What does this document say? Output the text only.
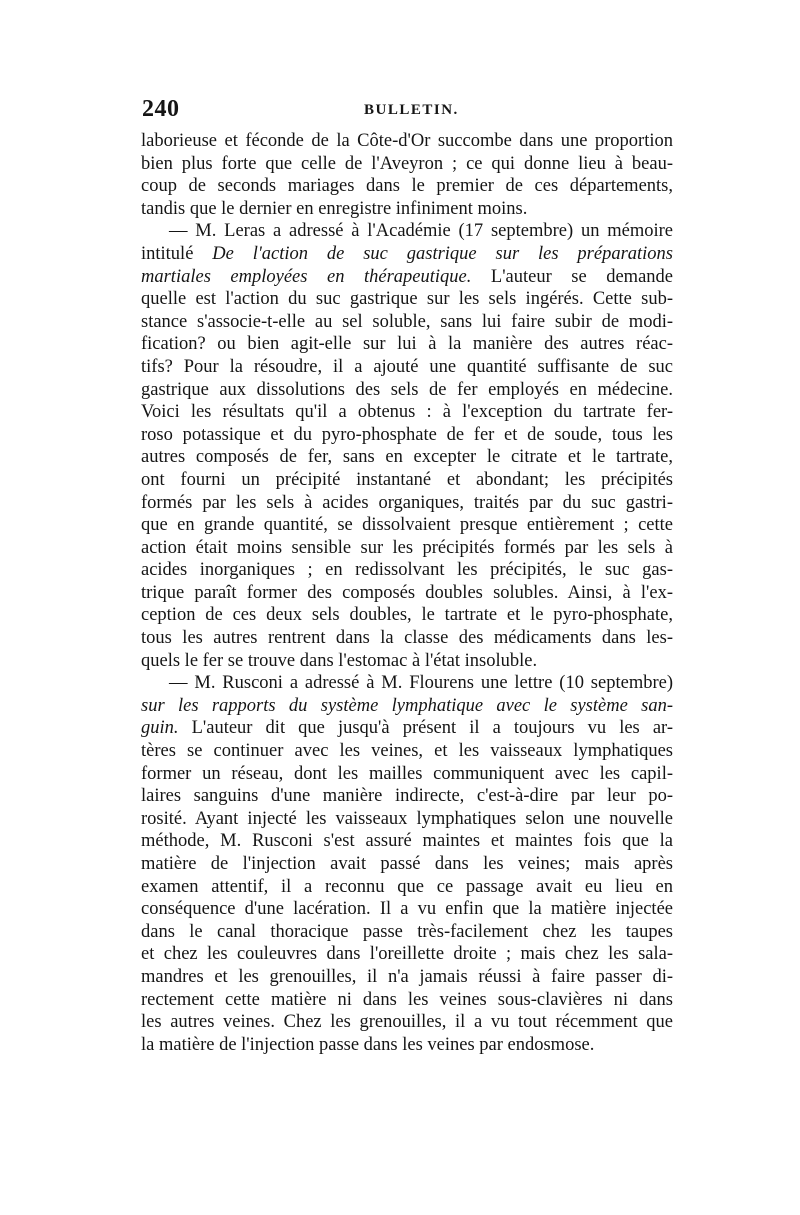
240	BULLETIN.
laborieuse et féconde de la Côte-d'Or succombe dans une proportion
bien plus forte que celle de l'Aveyron ; ce qui donne lieu à beau-
coup de seconds mariages dans le premier de ces départements,
tandis que le dernier en enregistre infiniment moins.
— M. Leras a adressé à l'Académie (17 septembre) un mémoire
intitulé De l'action de suc gastrique sur les préparations
martiales employées en thérapeutique. L'auteur se demande
quelle est l'action du suc gastrique sur les sels ingérés. Cette sub-
stance s'associe-t-elle au sel soluble, sans lui faire subir de modi-
fication? ou bien agit-elle sur lui à la manière des autres réac-
tifs? Pour la résoudre, il a ajouté une quantité suffisante de suc
gastrique aux dissolutions des sels de fer employés en médecine.
Voici les résultats qu'il a obtenus : à l'exception du tartrate fer-
roso potassique et du pyro-phosphate de fer et de soude, tous les
autres composés de fer, sans en excepter le citrate et le tartrate,
ont fourni un précipité instantané et abondant; les précipités
formés par les sels à acides organiques, traités par du suc gastri-
que en grande quantité, se dissolvaient presque entièrement ; cette
action était moins sensible sur les précipités formés par les sels à
acides inorganiques ; en redissolvant les précipités, le suc gas-
trique paraît former des composés doubles solubles. Ainsi, à l'ex-
ception de ces deux sels doubles, le tartrate et le pyro-phosphate,
tous les autres rentrent dans la classe des médicaments dans les-
quels le fer se trouve dans l'estomac à l'état insoluble.
— M. Rusconi a adressé à M. Flourens une lettre (10 septembre)
sur les rapports du système lymphatique avec le système san-
guin. L'auteur dit que jusqu'à présent il a toujours vu les ar-
tères se continuer avec les veines, et les vaisseaux lymphatiques
former un réseau, dont les mailles communiquent avec les capil-
laires sanguins d'une manière indirecte, c'est-à-dire par leur po-
rosité. Ayant injecté les vaisseaux lymphatiques selon une nouvelle
méthode, M. Rusconi s'est assuré maintes et maintes fois que la
matière de l'injection avait passé dans les veines; mais après
examen attentif, il a reconnu que ce passage avait eu lieu en
conséquence d'une lacération. Il a vu enfin que la matière injectée
dans le canal thoracique passe très-facilement chez les taupes
et chez les couleuvres dans l'oreillette droite ; mais chez les sala-
mandres et les grenouilles, il n'a jamais réussi à faire passer di-
rectement cette matière ni dans les veines sous-clavières ni dans
les autres veines. Chez les grenouilles, il a vu tout récemment que
la matière de l'injection passe dans les veines par endosmose.
